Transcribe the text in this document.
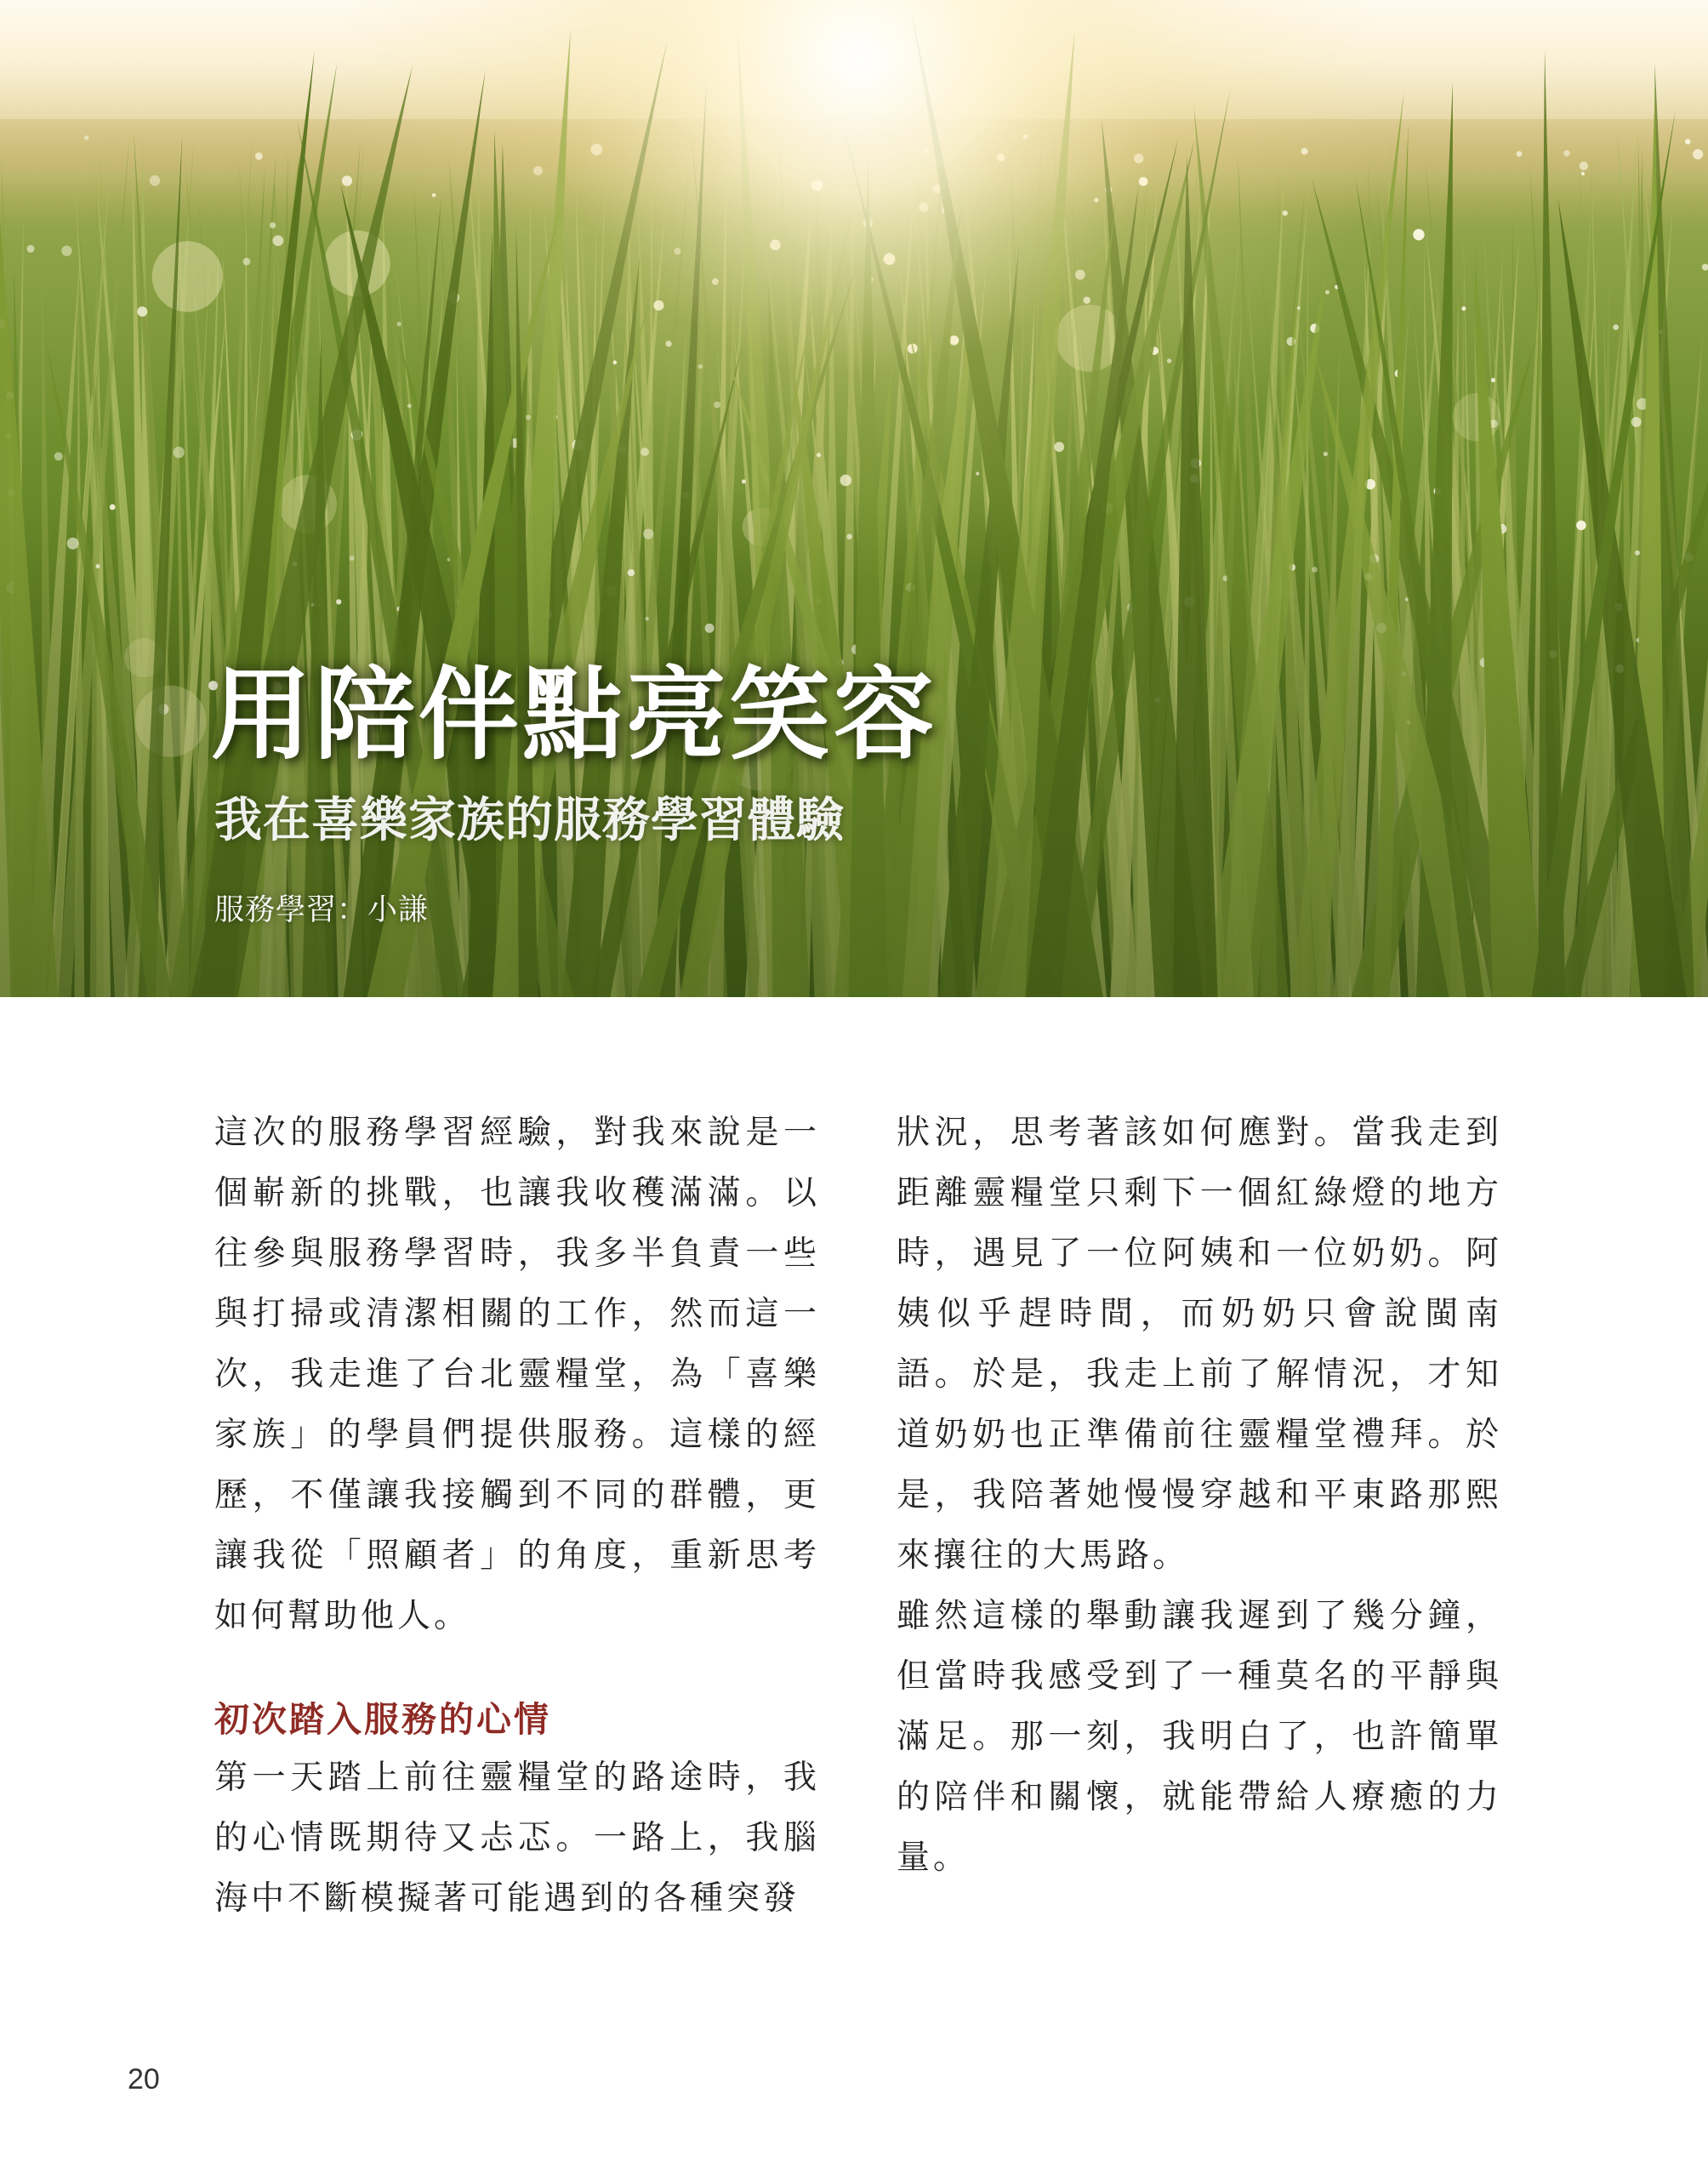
用陪伴點亮笑容
我在喜樂家族的服務學習體驗
服務學習：小謙

這次的服務學習經驗，對我來說是一個嶄新的挑戰，也讓我收穫滿滿。以往參與服務學習時，我多半負責一些與打掃或清潔相關的工作，然而這一次，我走進了台北靈糧堂，為「喜樂家族」的學員們提供服務。這樣的經歷，不僅讓我接觸到不同的群體，更讓我從「照顧者」的角度，重新思考如何幫助他人。

初次踏入服務的心情

第一天踏上前往靈糧堂的路途時，我的心情既期待又忐忑。一路上，我腦海中不斷模擬著可能遇到的各種突發

狀況，思考著該如何應對。當我走到距離靈糧堂只剩下一個紅綠燈的地方時，遇見了一位阿姨和一位奶奶。阿姨似乎趕時間，而奶奶只會說閩南語。於是，我走上前了解情況，才知道奶奶也正準備前往靈糧堂禮拜。於是，我陪著她慢慢穿越和平東路那熙來攘往的大馬路。

雖然這樣的舉動讓我遲到了幾分鐘，但當時我感受到了一種莫名的平靜與滿足。那一刻，我明白了，也許簡單的陪伴和關懷，就能帶給人療癒的力量。

20
